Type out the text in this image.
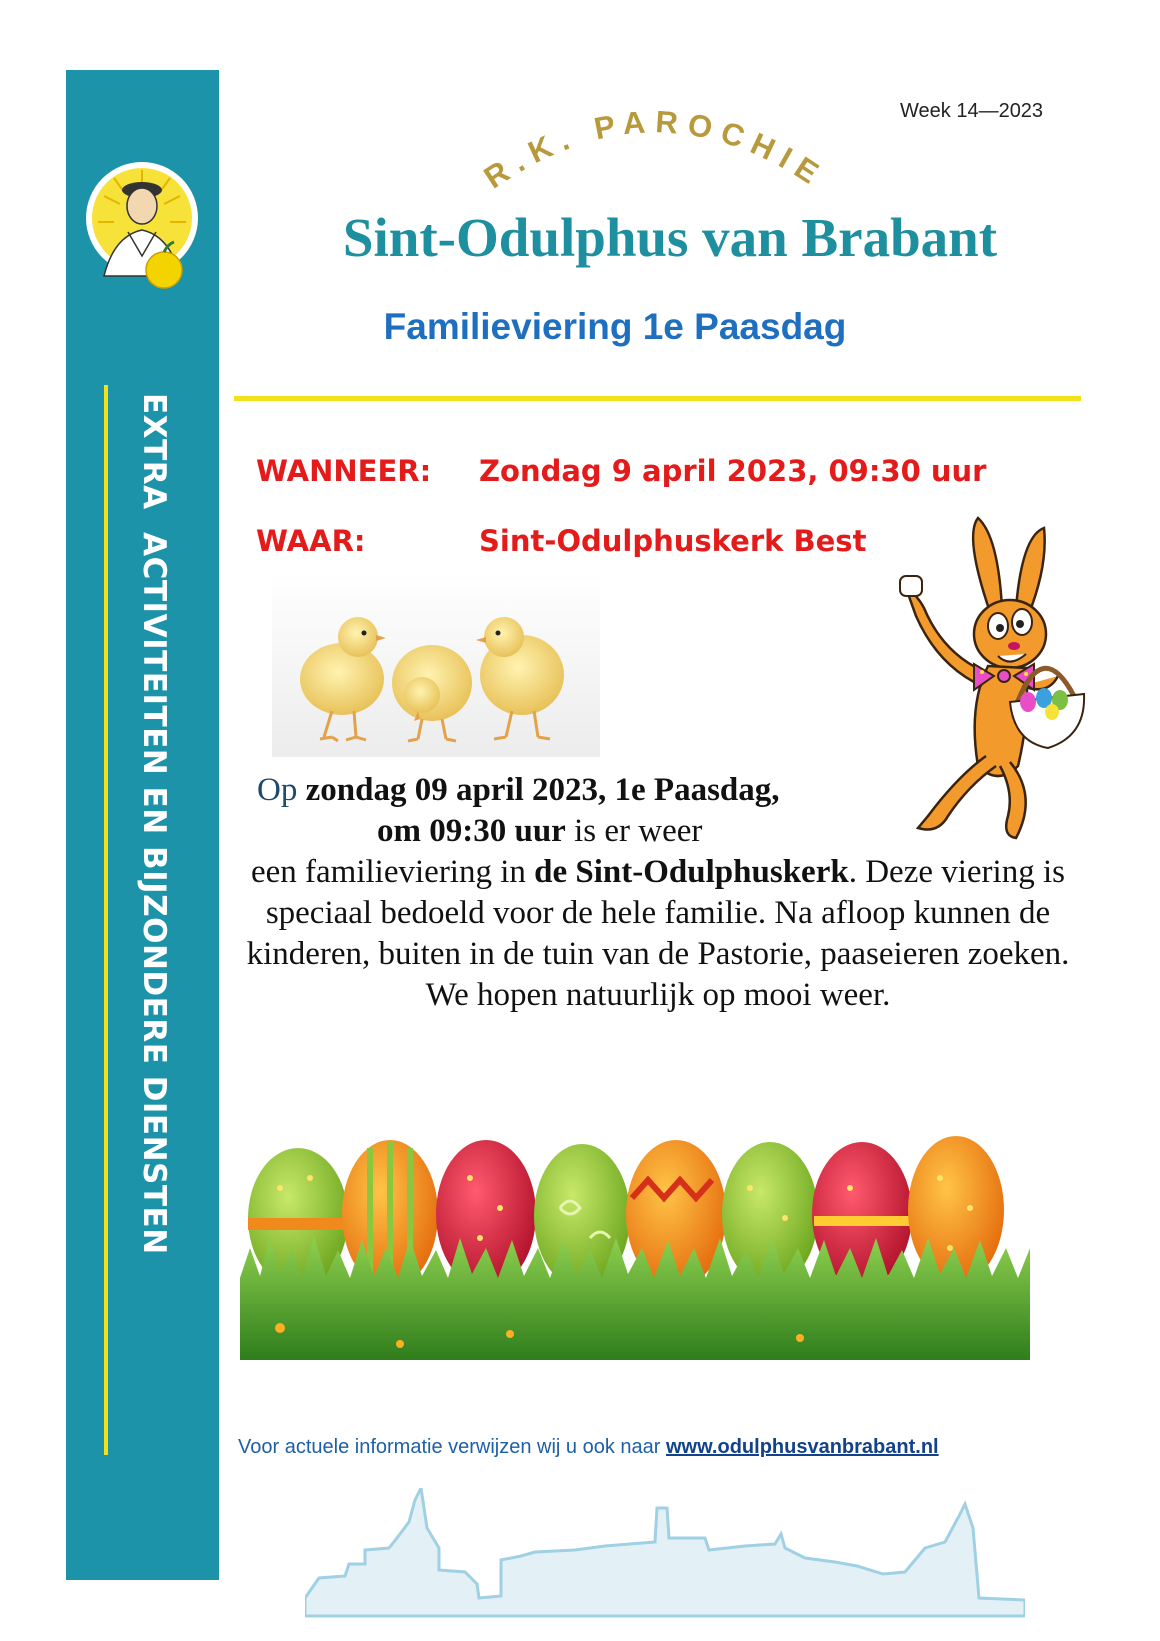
EXTRA  ACTIVITEITEN EN BIJZONDERE DIENSTEN
Week 14—2023
R.K. PAROCHIE
Sint-Odulphus van Brabant
Familieviering 1e Paasdag
WANNEER: Zondag 9 april 2023, 09:30 uur
WAAR:	Sint-Odulphuskerk Best
Op zondag 09 april 2023, 1e Paasdag,
om 09:30 uur is er weer
een familieviering in de Sint-Odulphuskerk. Deze viering is speciaal bedoeld voor de hele familie. Na afloop kunnen de kinderen, buiten in de tuin van de Pastorie, paaseieren zoeken. We hopen natuurlijk op mooi weer.
Voor actuele informatie verwijzen wij u ook naar www.odulphusvanbrabant.nl
